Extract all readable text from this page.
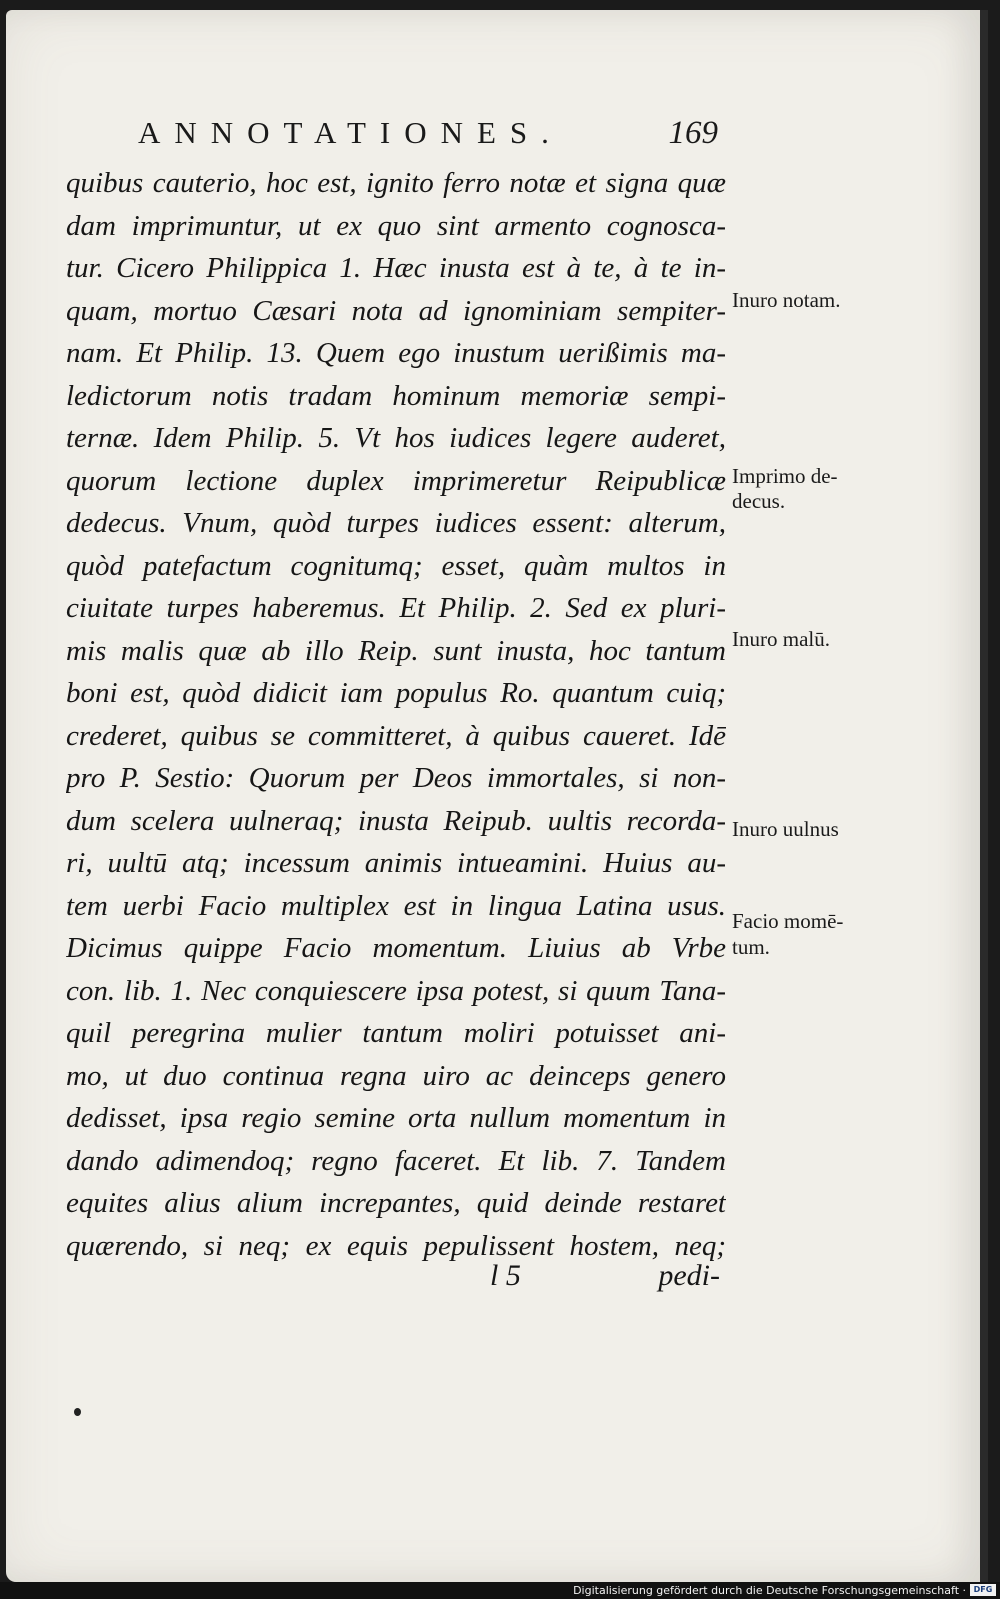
ANNOTATIONES.	169
quibus cauterio, hoc est, ignito ferro notæ et signa quæ
dam imprimuntur, ut ex quo sint armento cognosca-
tur. Cicero Philippica 1. Hæc inusta est à te, à te in-
quam, mortuo Cæsari nota ad ignominiam sempiter-
nam. Et Philip. 13. Quem ego inustum uerißimis ma-
ledictorum notis tradam hominum memoriæ sempi-
ternæ. Idem Philip. 5. Vt hos iudices legere auderet,
quorum lectione duplex imprimeretur Reipublicæ
dedecus. Vnum, quòd turpes iudices essent: alterum,
quòd patefactum cognitumq; esset, quàm multos in
ciuitate turpes haberemus. Et Philip. 2. Sed ex pluri-
mis malis quæ ab illo Reip. sunt inusta, hoc tantum
boni est, quòd didicit iam populus Ro. quantum cuiq;
crederet, quibus se committeret, à quibus caueret. Idē
pro P. Sestio: Quorum per Deos immortales, si non-
dum scelera uulneraq; inusta Reipub. uultis recorda-
ri, uultū atq; incessum animis intueamini. Huius au-
tem uerbi Facio multiplex est in lingua Latina usus.
Dicimus quippe Facio momentum. Liuius ab Vrbe
con. lib. 1. Nec conquiescere ipsa potest, si quum Tana-
quil peregrina mulier tantum moliri potuisset ani-
mo, ut duo continua regna uiro ac deinceps genero
dedisset, ipsa regio semine orta nullum momentum in
dando adimendoq; regno faceret. Et lib. 7. Tandem
equites alius alium increpantes, quid deinde restaret
quærendo, si neq; ex equis pepulissent hostem, neq;
l 5	pedi-
Inuro notam.
Imprimo de-
decus.
Inuro malū.
Inuro uulnus
Facio momē-
tum.
Digitalisierung gefördert durch die Deutsche Forschungsgemeinschaft · DFG
